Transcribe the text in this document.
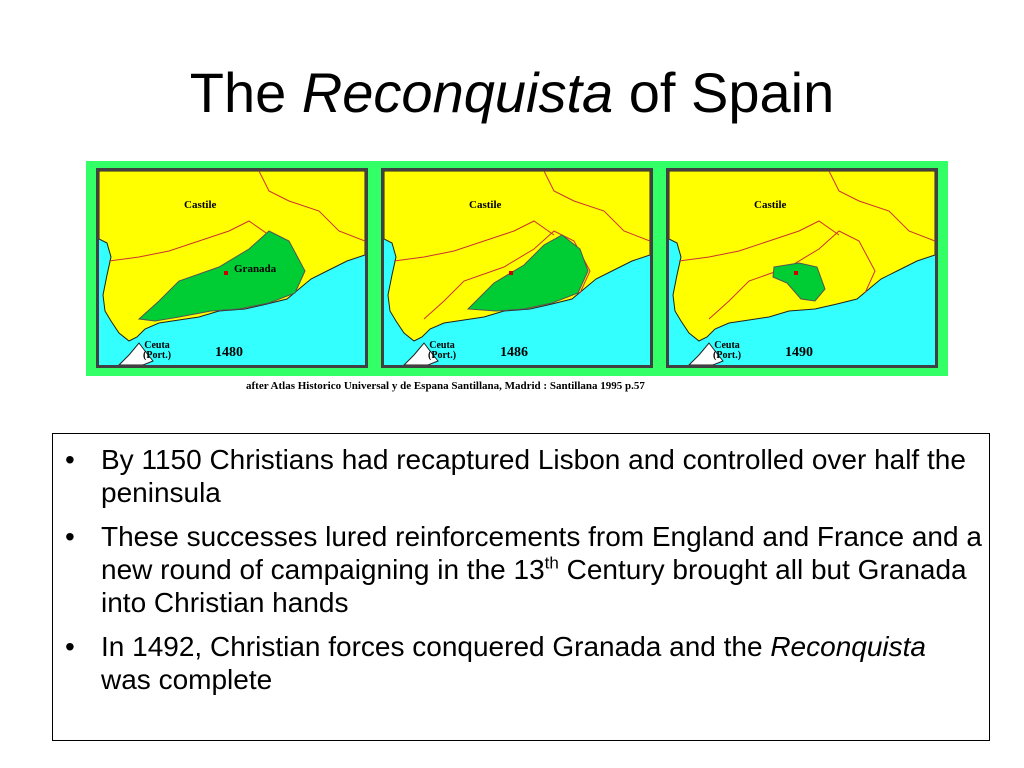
The Reconquista of Spain
Castile
Granada
Ceuta
(Port.)	1480
Castile
Ceuta
(Port.)	1486
Castile
Ceuta
(Port.)	1490
after Atlas Historico Universal y de Espana Santillana, Madrid : Santillana 1995 p.57
• By 1150 Christians had recaptured Lisbon and controlled over half the peninsula
• These successes lured reinforcements from England and France and a new round of campaigning in the 13th Century brought all but Granada into Christian hands
• In 1492, Christian forces conquered Granada and the Reconquista was complete
